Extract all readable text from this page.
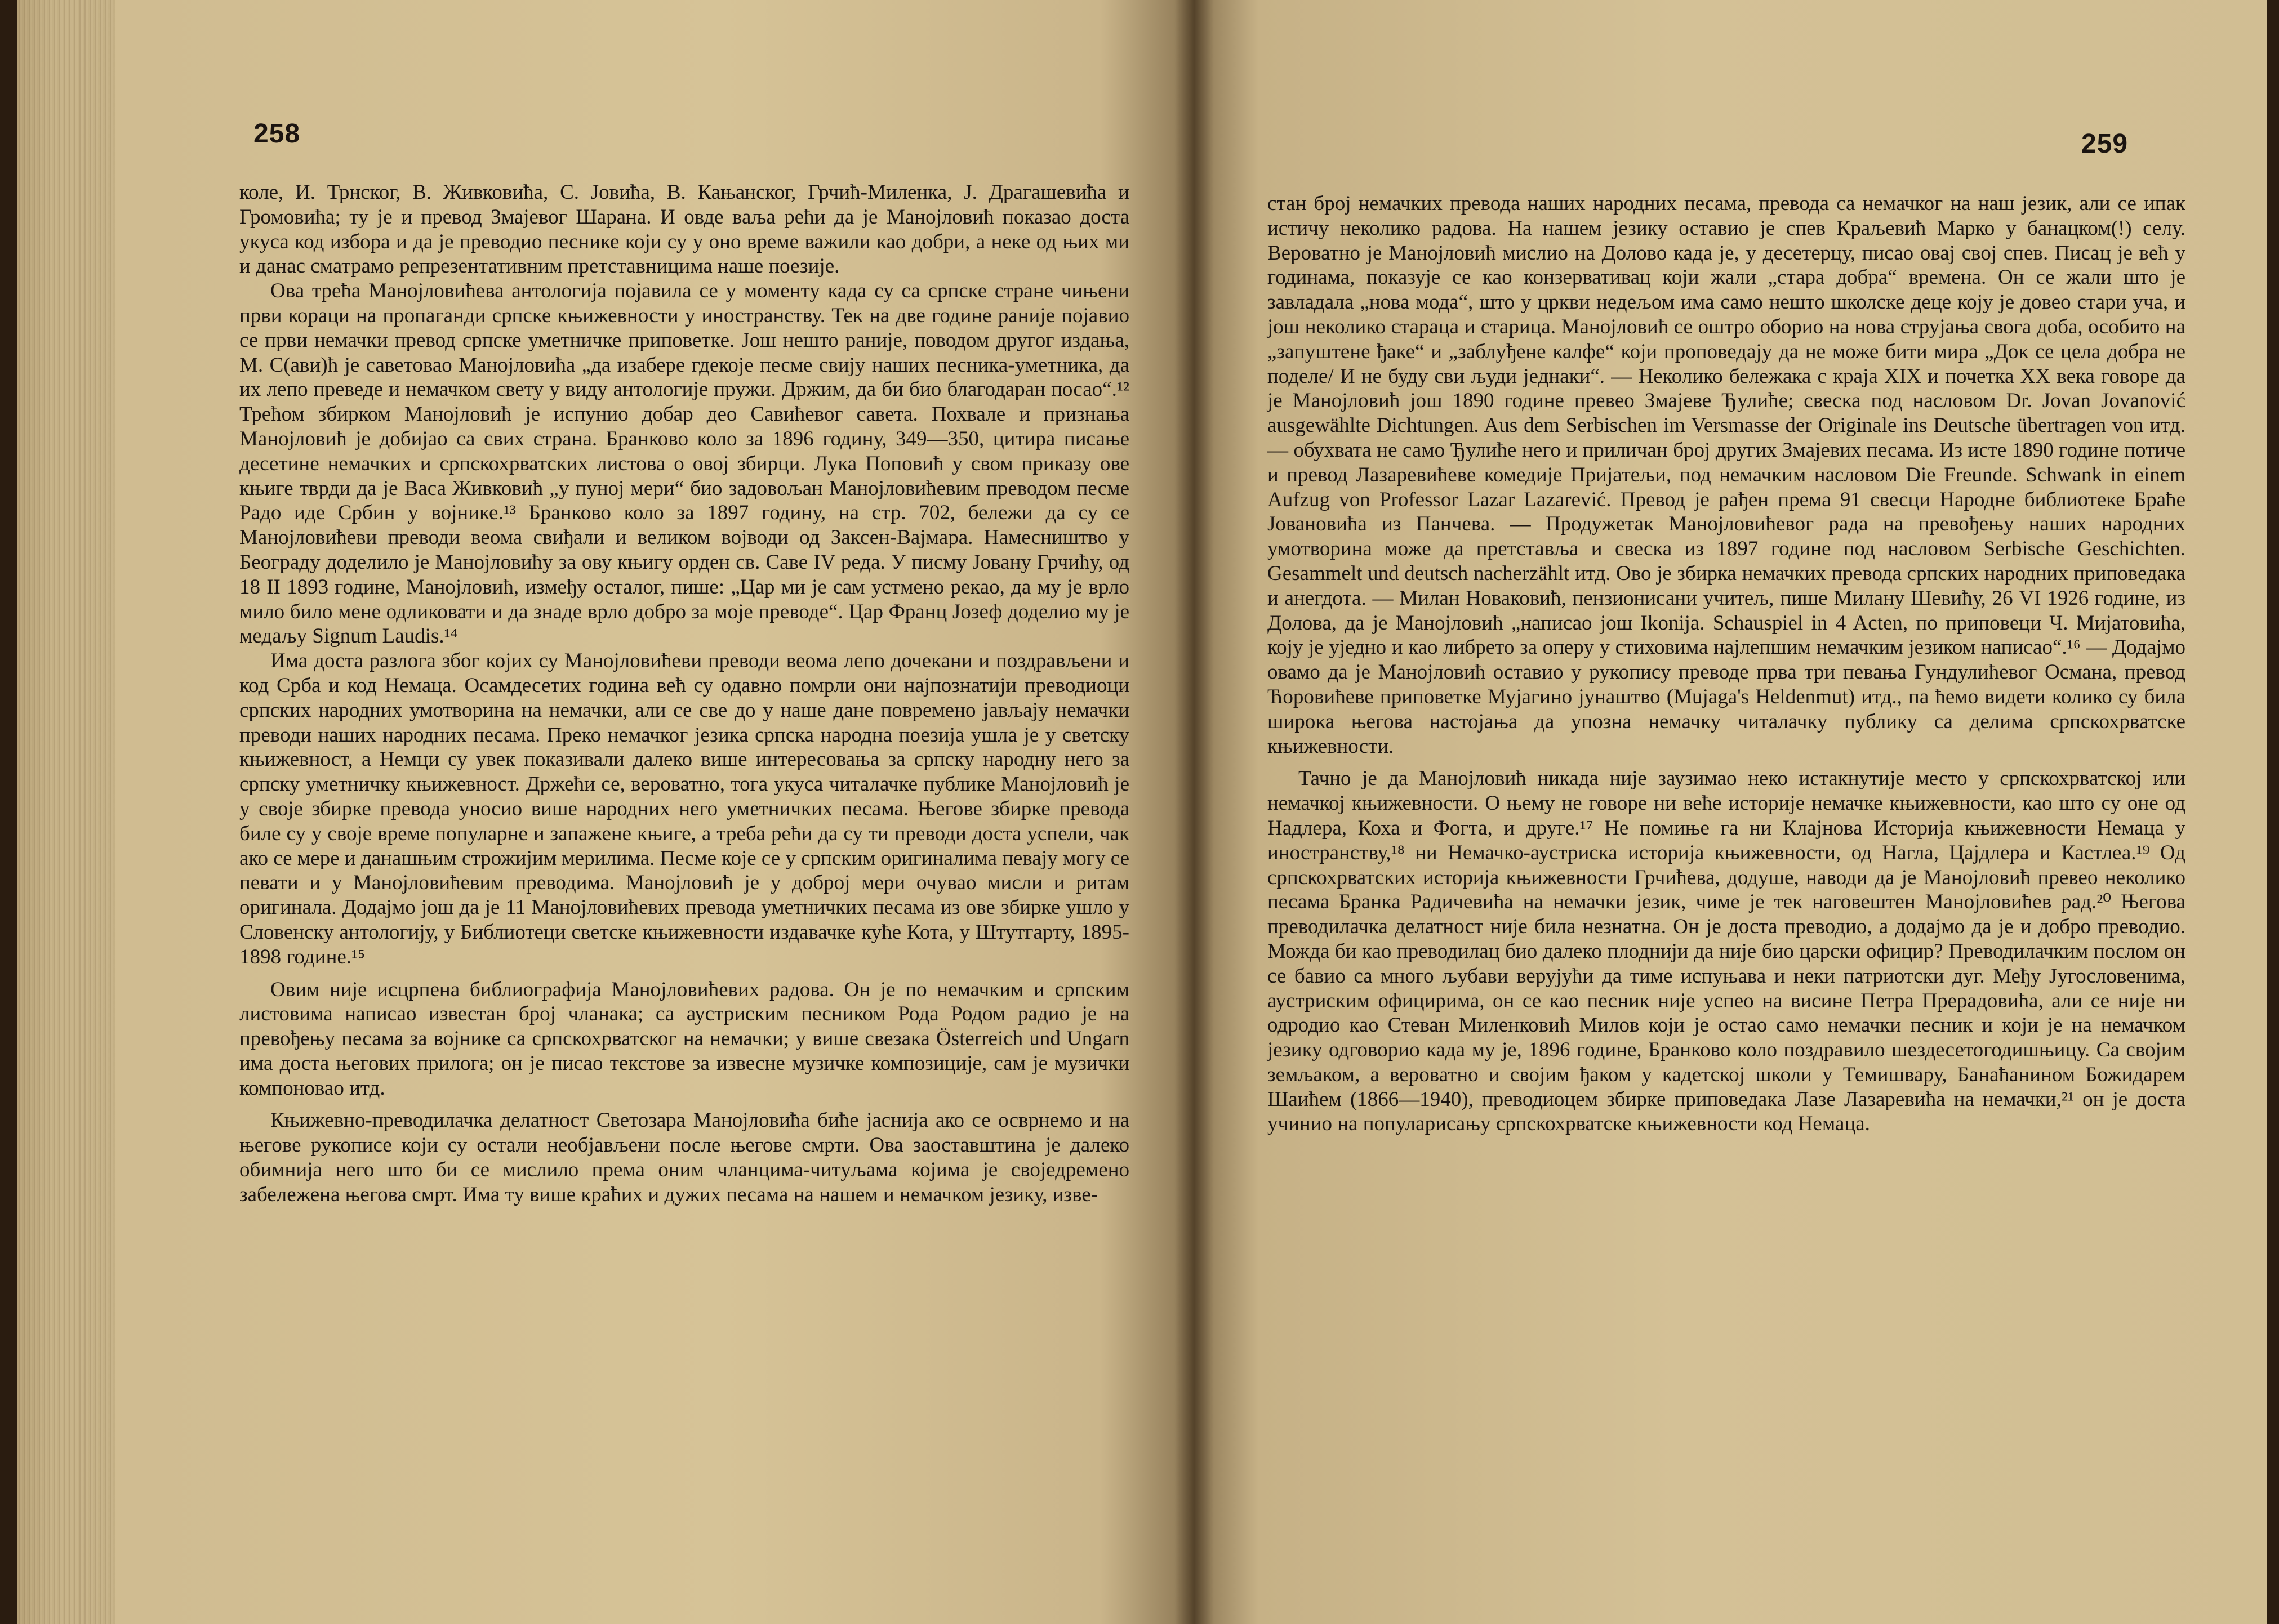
258

коле, И. Трнског, В. Живковића, С. Јовића, В. Кањанског, Грчић-Миленка, Ј. Драгашевића и Громовића; ту је и превод Змајевог Шарана. И овде ваља рећи да је Манојловић показао доста укуса код избора и да је преводио песнике који су у оно време важили као добри, а неке од њих ми и данас сматрамо репрезентативним претставницима наше поезије.

Ова трећа Манојловићева антологија појавила се у моменту када су са српске стране чињени први кораци на пропаганди српске књижевности у иностранству. Тек на две године раније појавио се први немачки превод српске уметничке приповетке. Још нешто раније, поводом другог издања, М. С(ави)ћ је саветовао Манојловића „да изабере гдекоје песме свију наших песника-уметника, да их лепо преведе и немачком свету у виду антологије пружи. Држим, да би био благодаран посао“.¹² Трећом збирком Манојловић је испунио добар део Савићевог савета. Похвале и признања Манојловић је добијао са свих страна. Бранково коло за 1896 годину, 349—350, цитира писање десетине немачких и српскохрватских листова о овој збирци. Лука Поповић у свом приказу ове књиге тврди да је Васа Живковић „у пуној мери“ био задовољан Манојловићевим преводом песме Радо иде Србин у војнике.¹³ Бранково коло за 1897 годину, на стр. 702, бележи да су се Манојловићеви преводи веома свиђали и великом војводи од Заксен-Вајмара. Намесништво у Београду доделило је Манојловићу за ову књигу орден св. Саве IV реда. У писму Јовану Грчићу, од 18 II 1893 године, Манојловић, између осталог, пише: „Цар ми је сам устмено рекао, да му је врло мило било мене одликовати и да знаде врло добро за моје преводе“. Цар Франц Јозеф доделио му је медаљу Signum Laudis.¹⁴

Има доста разлога због којих су Манојловићеви преводи веома лепо дочекани и поздрављени и код Срба и код Немаца. Осамдесетих година већ су одавно помрли они најпознатији преводиоци српских народних умотворина на немачки, али се све до у наше дане повремено јављају немачки преводи наших народних песама. Преко немачког језика српска народна поезија ушла је у светску књижевност, а Немци су увек показивали далеко више интересовања за српску народну него за српску уметничку књижевност. Држећи се, вероватно, тога укуса читалачке публике Манојловић је у своје збирке превода уносио више народних него уметничких песама. Његове збирке превода биле су у своје време популарне и запажене књиге, а треба рећи да су ти преводи доста успели, чак ако се мере и данашњим строжијим мерилима. Песме које се у српским оригиналима певају могу се певати и у Манојловићевим преводима. Манојловић је у доброј мери очувао мисли и ритам оригинала. Додајмо још да је 11 Манојловићевих превода уметничких песама из ове збирке ушло у Словенску антологију, у Библиотеци светске књижевности издавачке куће Кота, у Штутгарту, 1895-1898 године.¹⁵

Овим није исцрпена библиографија Манојловићевих радова. Он је по немачким и српским листовима написао известан број чланака; са аустриским песником Рода Родом радио је на превођењу песама за војнике са српскохрватског на немачки; у више свезака Österreich und Ungarn има доста његових прилога; он је писао текстове за извесне музичке композиције, сам је музички компоновао итд.

Књижевно-преводилачка делатност Светозара Манојловића биће јаснија ако се осврнемо и на његове рукописе који су остали необјављени после његове смрти. Ова заоставштина је далеко обимнија него што би се мислило према оним чланцима-читуљама којима је своједремено забележена његова смрт. Има ту више краћих и дужих песама на нашем и немачком језику, изве-

259

стан број немачких превода наших народних песама, превода са немачког на наш језик, али се ипак истичу неколико радова. На нашем језику оставио је спев Краљевић Марко у банацком(!) селу. Вероватно је Манојловић мислио на Долово када је, у десетерцу, писао овај свој спев. Писац је већ у годинама, показује се као конзервативац који жали „стара добра“ времена. Он се жали што је завладала „нова мода“, што у цркви недељом има само нешто школске деце коју је довео стари уча, и још неколико стараца и старица. Манојловић се оштро оборио на нова струјања свога доба, особито на „запуштене ђаке“ и „заблуђене калфе“ који проповедају да не може бити мира „Док се цела добра не поделе/ И не буду сви људи једнаки“. — Неколико бележака с краја XIX и почетка XX века говоре да је Манојловић још 1890 године превео Змајеве Ђулиће; свеска под насловом Dr. Jovan Jovanović ausgewählte Dichtungen. Aus dem Serbischen im Versmasse der Originale ins Deutsche übertragen von итд. — обухвата не само Ђулиће него и приличан број других Змајевих песама. Из исте 1890 године потиче и превод Лазаревићеве комедије Пријатељи, под немачким насловом Die Freunde. Schwank in einem Aufzug von Professor Lazar Lazarević. Превод је рађен према 91 свесци Народне библиотеке Браће Јовановића из Панчева. — Продужетак Манојловићевог рада на превођењу наших народних умотворина може да претставља и свеска из 1897 године под насловом Serbische Geschichten. Gesammelt und deutsch nacherzählt итд. Ово је збирка немачких превода српских народних приповедака и анегдота. — Милан Новаковић, пензионисани учитељ, пише Милану Шевићу, 26 VI 1926 године, из Долова, да је Манојловић „написао још Ikonija. Schauspiel in 4 Acten, по приповеци Ч. Мијатовића, коју је уједно и као либрето за оперу у стиховима најлепшим немачким језиком написао“.¹⁶ — Додајмо овамо да је Манојловић оставио у рукопису преводе прва три певања Гундулићевог Османа, превод Ћоровићеве приповетке Мујагино јунаштво (Mujaga's Heldenmut) итд., па ћемо видети колико су била широка његова настојања да упозна немачку читалачку публику са делима српскохрватске књижевности.

Тачно је да Манојловић никада није заузимао неко истакнутије место у српскохрватској или немачкој књижевности. О њему не говоре ни веће историје немачке књижевности, као што су оне од Надлера, Коха и Фогта, и друге.¹⁷ Не помиње га ни Клајнова Историја књижевности Немаца у иностранству,¹⁸ ни Немачко-аустриска историја књижевности, од Нагла, Цајдлера и Кастлеа.¹⁹ Од српскохрватских историја књижевности Грчићева, додуше, наводи да је Манојловић превео неколико песама Бранка Радичевића на немачки језик, чиме је тек наговештен Манојловићев рад.²⁰ Његова преводилачка делатност није била незнатна. Он је доста преводио, а додајмо да је и добро преводио. Можда би као преводилац био далеко плоднији да није био царски официр? Преводилачким послом он се бавио са много љубави верујући да тиме испуњава и неки патриотски дуг. Међу Југословенима, аустриским официрима, он се као песник није успео на висине Петра Прерадовића, али се није ни одродио као Стеван Миленковић Милов који је остао само немачки песник и који је на немачком језику одговорио када му је, 1896 године, Бранково коло поздравило шездесетогодишњицу. Са својим земљаком, а вероватно и својим ђаком у кадетској школи у Темишвару, Банаћанином Божидарем Шаићем (1866—1940), преводиоцем збирке приповедака Лазе Лазаревића на немачки,²¹ он је доста учинио на популарисању српскохрватске књижевности код Немаца.
